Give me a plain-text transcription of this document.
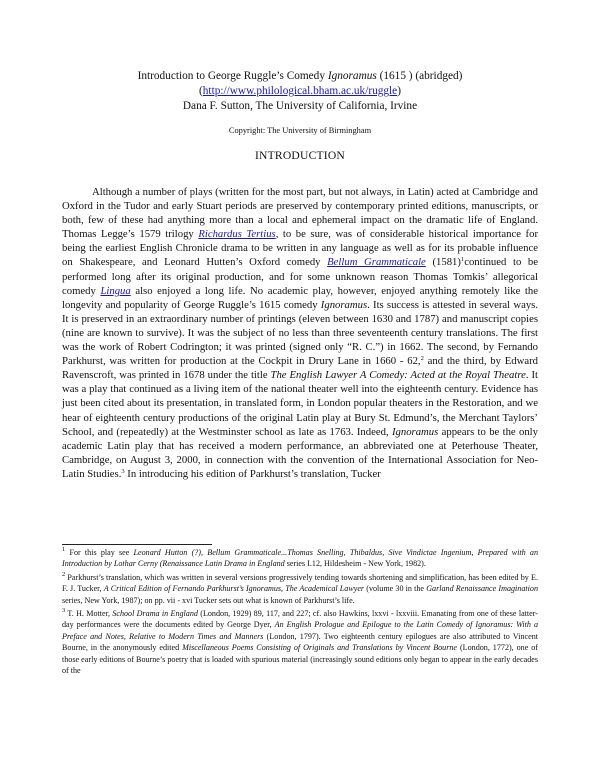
Introduction to George Ruggle’s Comedy Ignoramus (1615 ) (abridged)
(http://www.philological.bham.ac.uk/ruggle)
Dana F. Sutton, The University of California, Irvine
Copyright: The University of Birmingham
INTRODUCTION

Although a number of plays (written for the most part, but not always, in Latin) acted at Cambridge and Oxford in the Tudor and early Stuart periods are preserved by contemporary printed editions, manuscripts, or both, few of these had anything more than a local and ephemeral impact on the dramatic life of England. Thomas Legge’s 1579 trilogy Richardus Tertius, to be sure, was of considerable historical importance for being the earliest English Chronicle drama to be written in any language as well as for its probable influence on Shakespeare, and Leonard Hutten’s Oxford comedy Bellum Grammaticale $(1581)^1continued$ to be performed long after its original production, and for some unknown reason Thomas Tomkis’ allegorical comedy Lingua also enjoyed a long life. No academic play, however, enjoyed anything remotely like the longevity and popularity of George Ruggle’s 1615 comedy Ignoramus. Its success is attested in several ways. It is preserved in an extraordinary number of printings (eleven between 1630 and 1787) and manuscript copies (nine are known to survive). It was the subject of no less than three seventeenth century translations. The first was the work of Robert Codrington; it was printed (signed only “R. C.”) in 1662. The second, by Fernando Parkhurst, was written for production at the Cockpit in Drury Lane in 1660 - 62,$^2$ and the third, by Edward Ravenscroft, was printed in 1678 under the title The English Lawyer A Comedy: Acted at the Royal Theatre. It was a play that continued as a living item of the national theater well into the eighteenth century. Evidence has just been cited about its presentation, in translated form, in London popular theaters in the Restoration, and we hear of eighteenth century productions of the original Latin play at Bury St. Edmund’s, the Merchant Taylors’ School, and (repeatedly) at the Westminster school as late as 1763. Indeed, Ignoramus appears to be the only academic Latin play that has received a modern performance, an abbreviated one at Peterhouse Theater, Cambridge, on August 3, 2000, in connection with the convention of the International Association for Neo-Latin Studies.$^3$ In introducing his edition of Parkhurst’s translation, Tucker

$^1$ For this play see Leonard Hutton (?), Bellum Grammaticale...Thomas Snelling, Thibaldus, Sive Vindictae Ingenium, Prepared with an Introduction by Lothar Cerny (Renaissance Latin Drama in England series I.12, Hildesheim - New York, 1982).

$^2$ Parkhurst’s translation, which was written in several versions progressively tending towards shortening and simplification, has been edited by E. F. J. Tucker, A Critical Edition of Fernando Parkhurst’s Ignoramus, The Academical Lawyer (volume 30 in the Garland Renaissance Imagination series, New York, 1987); on pp. vii - xvi Tucker sets out what is known of Parkhurst’s life.

$^3$ T. H. Motter, School Drama in England (London, 1929) 89, 117, and 227; cf. also Hawkins, lxxvi - lxxviii. Emanating from one of these latter-day performances were the documents edited by George Dyer, An English Prologue and Epilogue to the Latin Comedy of Ignoramus: With a Preface and Notes, Relative to Modern Times and Manners (London, 1797). Two eighteenth century epilogues are also attributed to Vincent Bourne, in the anonymously edited Miscellaneous Poems Consisting of Originals and Translations by Vincent Bourne (London, 1772), one of those early editions of Bourne’s poetry that is loaded with spurious material (increasingly sound editions only began to appear in the early decades of the
